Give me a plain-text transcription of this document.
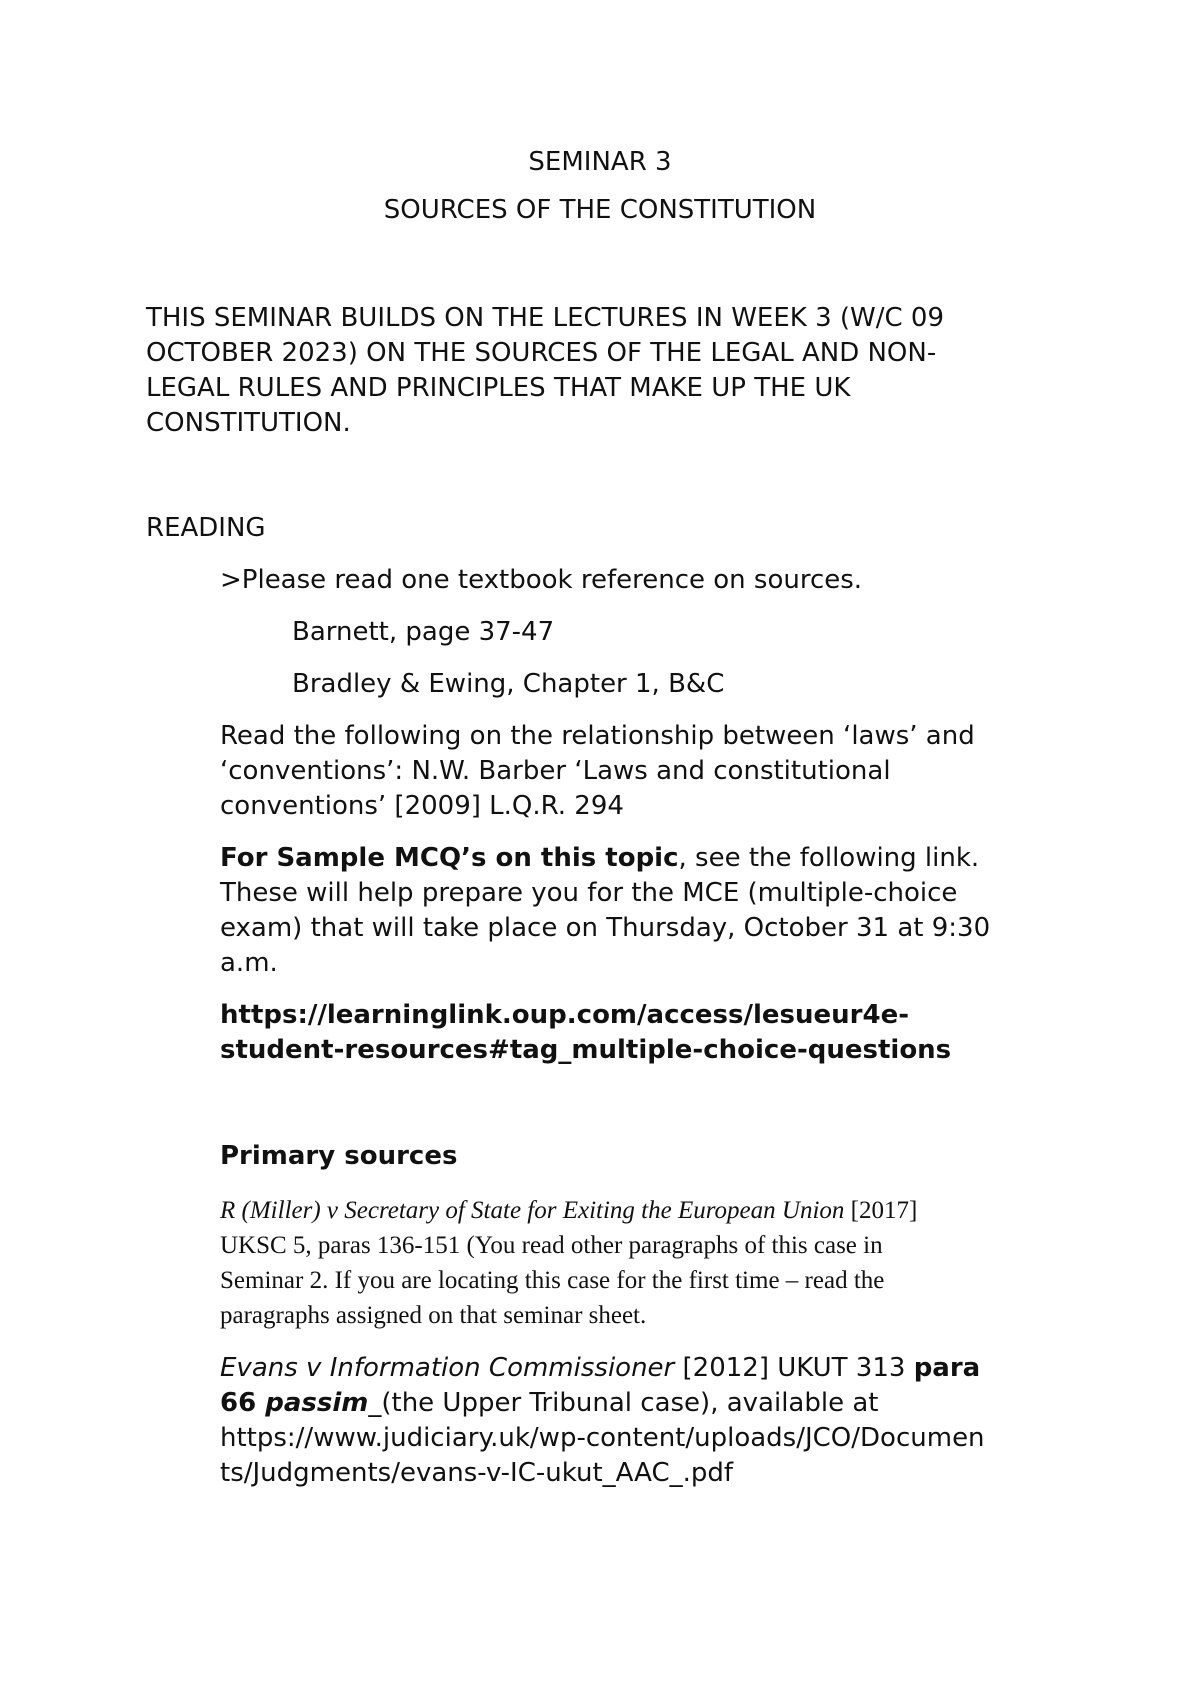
SEMINAR 3

SOURCES OF THE CONSTITUTION

THIS SEMINAR BUILDS ON THE LECTURES IN WEEK 3 (W/C 09

OCTOBER 2023) ON THE SOURCES OF THE LEGAL AND NON-

LEGAL RULES AND PRINCIPLES THAT MAKE UP THE UK

CONSTITUTION.

READING

>Please read one textbook reference on sources.

Barnett, page 37-47

Bradley & Ewing, Chapter 1, B&C

Read the following on the relationship between ‘laws’ and

‘conventions’: N.W. Barber ‘Laws and constitutional

conventions’ [2009] L.Q.R. 294

For Sample MCQ’s on this topic, see the following link.

These will help prepare you for the MCE (multiple-choice

exam) that will take place on Thursday, October 31 at 9:30

a.m.

https://learninglink.oup.com/access/lesueur4e-

student-resources#tag_multiple-choice-questions

Primary sources

R (Miller) v Secretary of State for Exiting the European Union [2017]

UKSC 5, paras 136-151 (You read other paragraphs of this case in

Seminar 2. If you are locating this case for the first time – read the

paragraphs assigned on that seminar sheet.

Evans v Information Commissioner [2012] UKUT 313 para

66 passim_(the Upper Tribunal case), available at

https://www.judiciary.uk/wp-content/uploads/JCO/Documen

ts/Judgments/evans-v-IC-ukut_AAC_.pdf
